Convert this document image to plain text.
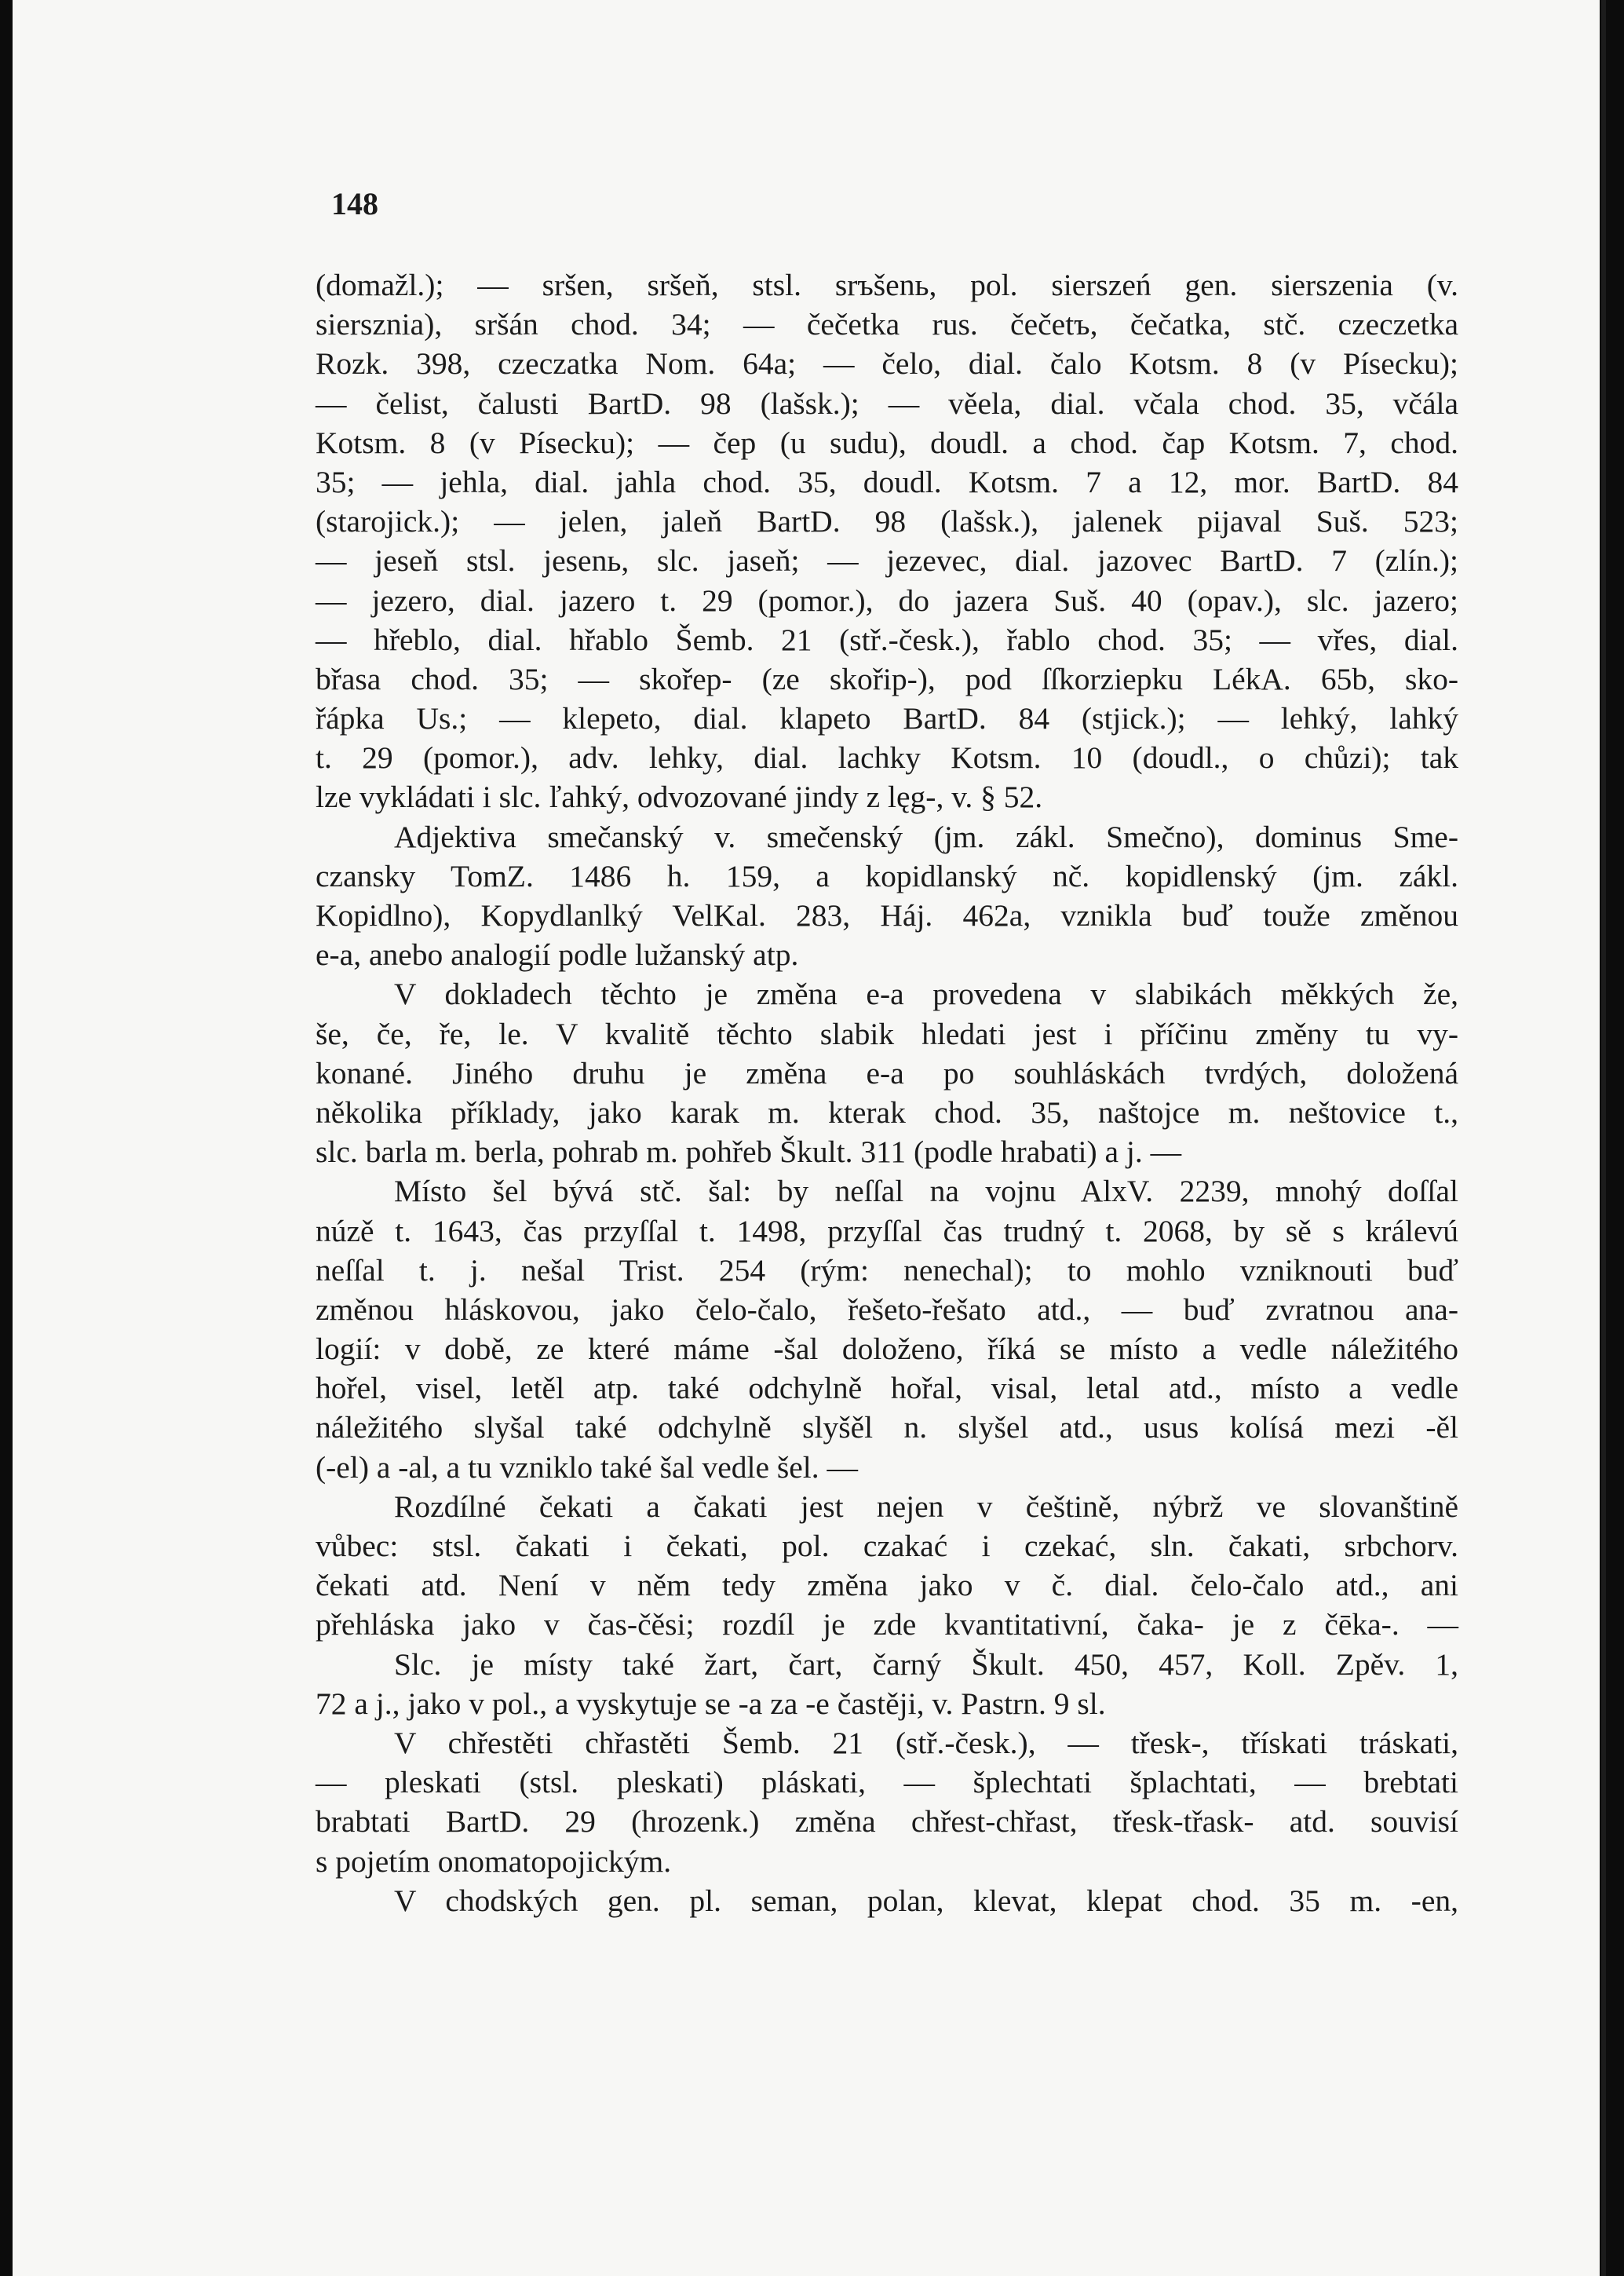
148
(domažl.); — sršen, sršeň, stsl. srъšenь, pol. sierszeń gen. sierszenia (v.
siersznia), sršán chod. 34; — čečetka rus. čečetъ, čečatka, stč. czeczetka
Rozk. 398, czeczatka Nom. 64a; — čelo, dial. čalo Kotsm. 8 (v Písecku);
— čelist, čalusti BartD. 98 (lašsk.); — věela, dial. včala chod. 35, včála
Kotsm. 8 (v Písecku); — čep (u sudu), doudl. a chod. čap Kotsm. 7, chod.
35; — jehla, dial. jahla chod. 35, doudl. Kotsm. 7 a 12, mor. BartD. 84
(starojick.); — jelen, jaleň BartD. 98 (lašsk.), jalenek pijaval Suš. 523;
— jeseň stsl. jesenь, slc. jaseň; — jezevec, dial. jazovec BartD. 7 (zlín.);
— jezero, dial. jazero t. 29 (pomor.), do jazera Suš. 40 (opav.), slc. jazero;
— hřeblo, dial. hřablo Šemb. 21 (stř.-česk.), řablo chod. 35; — vřes, dial.
břasa chod. 35; — skořep- (ze skořip-), pod ſſkorziepku LékA. 65b, sko-
řápka Us.; — klepeto, dial. klapeto BartD. 84 (stjick.); — lehký, lahký
t. 29 (pomor.), adv. lehky, dial. lachky Kotsm. 10 (doudl., o chůzi); tak
lze vykládati i slc. ľahký, odvozované jindy z lęg-, v. § 52.
Adjektiva smečanský v. smečenský (jm. zákl. Smečno), dominus Sme-
czansky TomZ. 1486 h. 159, a kopidlanský nč. kopidlenský (jm. zákl.
Kopidlno), Kopydlanlký VelKal. 283, Háj. 462a, vznikla buď touže změnou
e-a, anebo analogií podle lužanský atp.
V dokladech těchto je změna e-a provedena v slabikách měkkých že,
še, če, ře, le. V kvalitě těchto slabik hledati jest i příčinu změny tu vy-
konané. Jiného druhu je změna e-a po souhláskách tvrdých, doložená
několika příklady, jako karak m. kterak chod. 35, naštojce m. neštovice t.,
slc. barla m. berla, pohrab m. pohřeb Škult. 311 (podle hrabati) a j. —
Místo šel bývá stč. šal: by neſſal na vojnu AlxV. 2239, mnohý doſſal
núzě t. 1643, čas przyſſal t. 1498, przyſſal čas trudný t. 2068, by sě s králevú
neſſal t. j. nešal Trist. 254 (rým: nenechal); to mohlo vzniknouti buď
změnou hláskovou, jako čelo-čalo, řešeto-řešato atd., — buď zvratnou ana-
logií: v době, ze které máme -šal doloženo, říká se místo a vedle náležitého
hořel, visel, letěl atp. také odchylně hořal, visal, letal atd., místo a vedle
náležitého slyšal také odchylně slyšěl n. slyšel atd., usus kolísá mezi -ěl
(-el) a -al, a tu vzniklo také šal vedle šel. —
Rozdílné čekati a čakati jest nejen v češtině, nýbrž ve slovanštině
vůbec: stsl. čakati i čekati, pol. czakać i czekać, sln. čakati, srbchorv.
čekati atd. Není v něm tedy změna jako v č. dial. čelo-čalo atd., ani
přehláska jako v čas-čěsi; rozdíl je zde kvantitativní, čaka- je z čēka-. —
Slc. je místy také žart, čart, čarný Škult. 450, 457, Koll. Zpěv. 1,
72 a j., jako v pol., a vyskytuje se -a za -e častěji, v. Pastrn. 9 sl.
V chřestěti chřastěti Šemb. 21 (stř.-česk.), — třesk-, třískati tráskati,
— pleskati (stsl. pleskati) pláskati, — šplechtati šplachtati, — brebtati
brabtati BartD. 29 (hrozenk.) změna chřest-chřast, třesk-třask- atd. souvisí
s pojetím onomatopojickým.
V chodských gen. pl. seman, polan, klevat, klepat chod. 35 m. -en,
